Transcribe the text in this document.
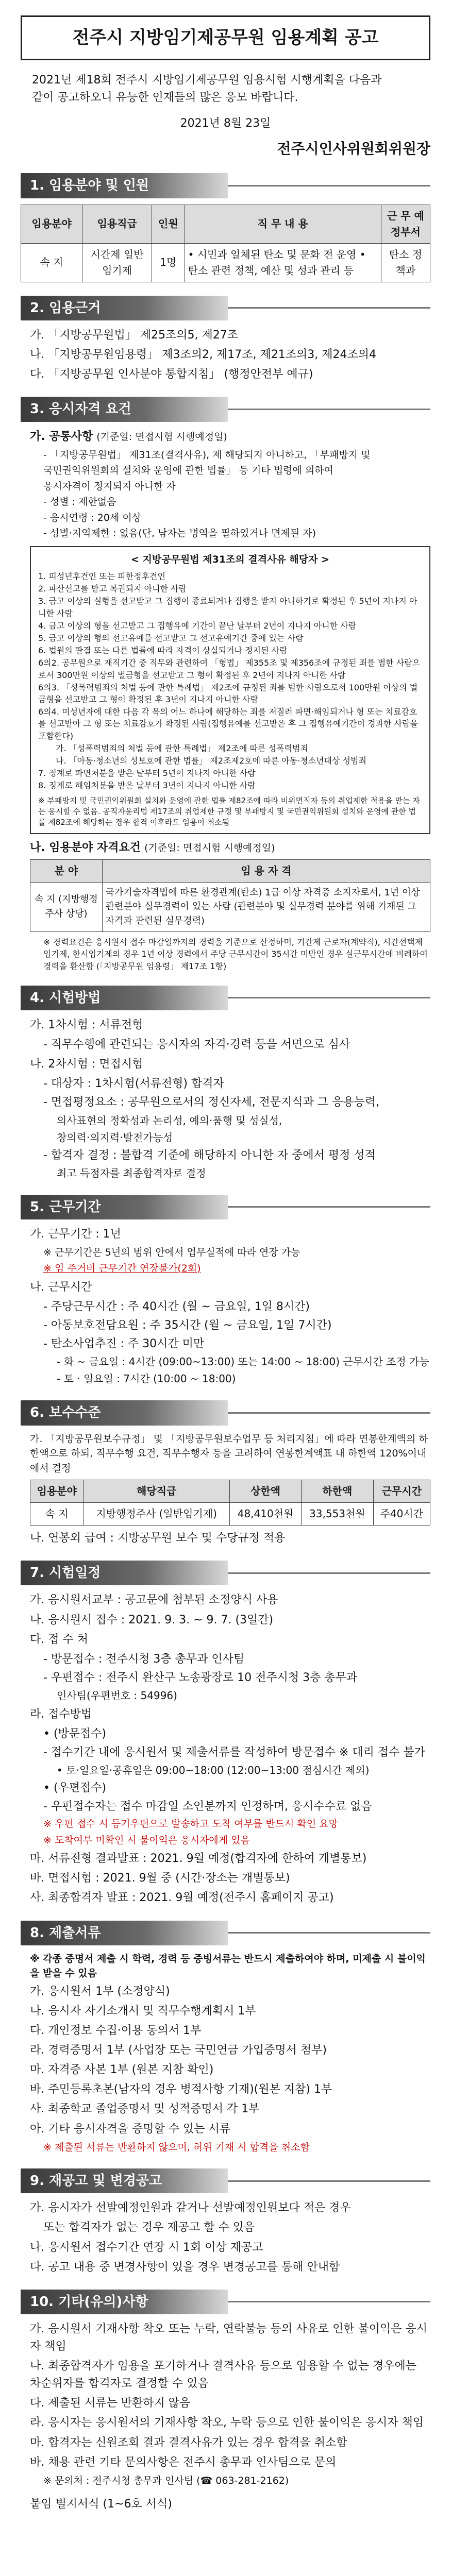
전주시 지방임기제공무원 임용계획 공고

2021년 제18회 전주시 지방임기제공무원 임용시험 시행계획을 다음과

같이 공고하오니 유능한 인재들의 많은 응모 바랍니다.

2021년 8월 23일
전주시인사위원회위원장
1. 임용분야 및 인원
임용분야	임용직급	인원	직 무 내 용	근 무 예정부서
속 지	시간제 일반임기제	1명	• 시민과 일체된 탄소 및 문화 전 운영 • 탄소 관련 정책, 예산 및 성과 관리 등	탄소 정책과
2. 임용근거
가. 「지방공무원법」 제25조의5, 제27조
나. 「지방공무원임용령」 제3조의2, 제17조, 제21조의3, 제24조의4
다. 「지방공무원 인사분야 통합지침」 (행정안전부 예규)
3. 응시자격 요건
가. 공통사항 (기준일: 면접시험 시행예정일)
- 「지방공무원법」 제31조(결격사유), 제 해당되지 아니하고, 「부패방지 및
국민권익위원회의 설치와 운영에 관한 법률」 등 기타 법령에 의하여
응시자격이 정지되지 아니한 자
- 성별 : 제한없음
- 응시연령 : 20세 이상
- 성별·지역제한 : 없음(단, 남자는 병역을 필하였거나 면제된 자)
< 지방공무원법 제31조의 결격사유 해당자 >
1. 피성년후견인 또는 피한정후견인
2. 파산선고를 받고 복권되지 아니한 사람
3. 금고 이상의 실형을 선고받고 그 집행이 종료되거나 집행을 받지 아니하기로 확정된 후 5년이 지나지 아니한 사람
4. 금고 이상의 형을 선고받고 그 집행유예 기간이 끝난 날부터 2년이 지나지 아니한 사람
5. 금고 이상의 형의 선고유예를 선고받고 그 선고유예기간 중에 있는 사람
6. 법원의 판결 또는 다른 법률에 따라 자격이 상실되거나 정지된 사람
6의2. 공무원으로 재직기간 중 직무와 관련하여 「형법」 제355조 및 제356조에 규정된 죄를 범한 사람으로서 300만원 이상의 벌금형을 선고받고 그 형이 확정된 후 2년이 지나지 아니한 사람
6의3. 「성폭력범죄의 처벌 등에 관한 특례법」 제2조에 규정된 죄를 범한 사람으로서 100만원 이상의 벌금형을 선고받고 그 형이 확정된 후 3년이 지나지 아니한 사람
6의4. 미성년자에 대한 다음 각 목의 어느 하나에 해당하는 죄를 저질러 파면·해임되거나 형 또는 치료감호를 선고받아 그 형 또는 치료감호가 확정된 사람(집행유예를 선고받은 후 그 집행유예기간이 경과한 사람을 포함한다)
가. 「성폭력범죄의 처벌 등에 관한 특례법」 제2조에 따른 성폭력범죄
나. 「아동·청소년의 성보호에 관한 법률」 제2조제2호에 따른 아동·청소년대상 성범죄
7. 징계로 파면처분을 받은 날부터 5년이 지나지 아니한 사람
8. 징계로 해임처분을 받은 날부터 3년이 지나지 아니한 사람
※ 부패방지 및 국민권익위원회 설치와 운영에 관한 법률 제82조에 따라 비위면직자 등의 취업제한 적용을 받는 자는 응시할 수 없음. 공직자윤리법 제17조의 취업제한 규정 및 부패방지 및 국민권익위원회 설치와 운영에 관한 법률 제82조에 해당하는 경우 합격 이후라도 임용이 취소됨
나. 임용분야 자격요건 (기준일: 면접시험 시행예정일)
분 야	임 용 자 격
속 지 (지방행정주사 상당)	국가기술자격법에 따른 환경관계(탄소) 1급 이상 자격증 소지자로서, 1년 이상 관련분야 실무경력이 있는 사람 (관련분야 및 실무경력 분야를 위해 기재된 그 자격과 관련된 실무경력)
※ 경력요건은 응시원서 접수 마감일까지의 경력을 기준으로 산정하며, 기간제 근로자(계약직), 시간선택제임기제, 한시임기제의 경우 1년 이상 경력에서 주당 근무시간이 35시간 미만인 경우 실근무시간에 비례하여 경력을 환산함 (「지방공무원 임용령」 제17조 1항)
4. 시험방법
가. 1차시험 : 서류전형
- 직무수행에 관련되는 응시자의 자격·경력 등을 서면으로 심사
나. 2차시험 : 면접시험
- 대상자 : 1차시험(서류전형) 합격자
- 면접평정요소 : 공무원으로서의 정신자세, 전문지식과 그 응용능력,
의사표현의 정확성과 논리성, 예의·품행 및 성실성,
창의력·의지력·발전가능성
- 합격자 결정 : 불합격 기준에 해당하지 아니한 자 중에서 평정 성적
최고 득점자를 최종합격자로 결정
5. 근무기간
가. 근무기간 : 1년
※ 근무기간은 5년의 범위 안에서 업무실적에 따라 연장 가능
※ 임 주거비 근무기간 연장불가(2회)
나. 근무시간
- 주당근무시간 : 주 40시간 (월 ~ 금요일, 1일 8시간)
- 아동보호전담요원 : 주 35시간 (월 ~ 금요일, 1일 7시간)
- 탄소사업추진 : 주 30시간 미만
- 화 ~ 금요일 : 4시간 (09:00~13:00) 또는 14:00 ~ 18:00) 근무시간 조정 가능
- 토 · 일요일 : 7시간 (10:00 ~ 18:00)
6. 보수수준
가. 「지방공무원보수규정」 및 「지방공무원보수업무 등 처리지침」에 따라 연봉한계액의 하한액으로 하되, 직무수행 요건, 직무수행자 등을 고려하여 연봉한계액표 내 하한액 120%이내 에서 결정
임용분야	해당직급	상한액	하한액	근무시간
속 지	지방행정주사 (일반임기제)	48,410천원	33,553천원	주40시간
나. 연봉외 급여 : 지방공무원 보수 및 수당규정 적용
7. 시험일정
가. 응시원서교부 : 공고문에 첨부된 소정양식 사용
나. 응시원서 접수 : 2021. 9. 3. ~ 9. 7. (3일간)
다. 접 수 처
- 방문접수 : 전주시청 3층 총무과 인사팀
- 우편접수 : 전주시 완산구 노송광장로 10 전주시청 3층 총무과
인사팀(우편번호 : 54996)
라. 접수방법
• (방문접수)
- 접수기간 내에 응시원서 및 제출서류를 작성하여 방문접수 ※ 대리 접수 불가
• 토·일요일·공휴일은 09:00~18:00 (12:00~13:00 점심시간 제외)
• (우편접수)
- 우편접수자는 접수 마감일 소인분까지 인정하며, 응시수수료 없음
※ 우편 접수 시 등기우편으로 발송하고 도착 여부를 반드시 확인 요망
※ 도착여부 미확인 시 불이익은 응시자에게 있음
마. 서류전형 결과발표 : 2021. 9월 예정(합격자에 한하여 개별통보)
바. 면접시험 : 2021. 9월 중 (시간·장소는 개별통보)
사. 최종합격자 발표 : 2021. 9월 예정(전주시 홈페이지 공고)
8. 제출서류
※ 각종 증명서 제출 시 학력, 경력 등 증빙서류는 반드시 제출하여야 하며, 미제출 시 불이익을 받을 수 있음
가. 응시원서 1부 (소정양식)
나. 응시자 자기소개서 및 직무수행계획서 1부
다. 개인정보 수집·이용 동의서 1부
라. 경력증명서 1부 (사업장 또는 국민연금 가입증명서 첨부)
마. 자격증 사본 1부 (원본 지참 확인)
바. 주민등록초본(남자의 경우 병적사항 기재)(원본 지참) 1부
사. 최종학교 졸업증명서 및 성적증명서 각 1부
아. 기타 응시자격을 증명할 수 있는 서류
※ 제출된 서류는 반환하지 않으며, 허위 기재 시 합격을 취소함
9. 재공고 및 변경공고
가. 응시자가 선발예정인원과 같거나 선발예정인원보다 적은 경우
또는 합격자가 없는 경우 재공고 할 수 있음
나. 응시원서 접수기간 연장 시 1회 이상 재공고
다. 공고 내용 중 변경사항이 있을 경우 변경공고를 통해 안내함
10. 기타(유의)사항
가. 응시원서 기재사항 착오 또는 누락, 연락불능 등의 사유로 인한 불이익은 응시자 책임
나. 최종합격자가 임용을 포기하거나 결격사유 등으로 임용할 수 없는 경우에는 차순위자를 합격자로 결정할 수 있음
다. 제출된 서류는 반환하지 않음
라. 응시자는 응시원서의 기재사항 착오, 누락 등으로 인한 불이익은 응시자 책임
마. 합격자는 신원조회 결과 결격사유가 있는 경우 합격을 취소함
바. 채용 관련 기타 문의사항은 전주시 총무과 인사팀으로 문의
※ 문의처 : 전주시청 총무과 인사팀 (☎ 063-281-2162)
붙임 별지서식 (1~6호 서식)
